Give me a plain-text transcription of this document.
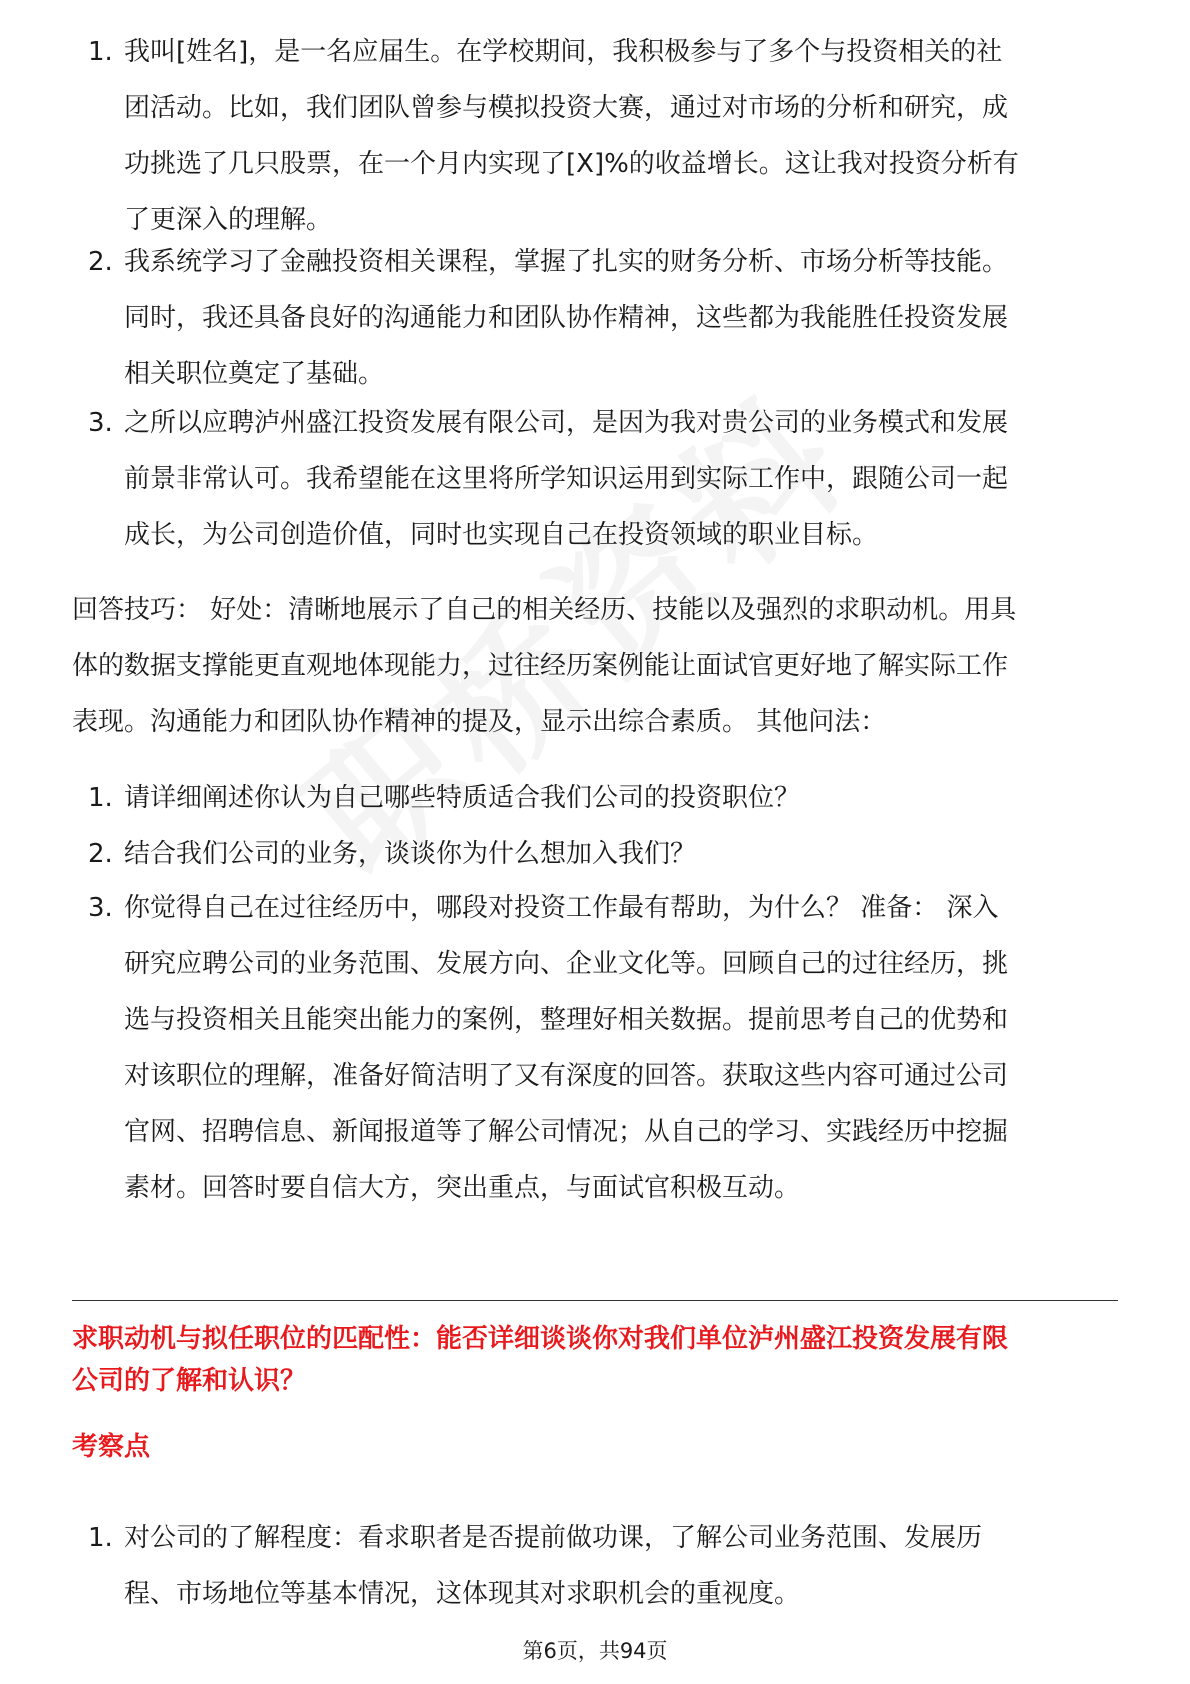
1. 我叫[姓名]，是一名应届生。在学校期间，我积极参与了多个与投资相关的社
团活动。比如，我们团队曾参与模拟投资大赛，通过对市场的分析和研究，成
功挑选了几只股票，在一个月内实现了[X]%的收益增长。这让我对投资分析有
了更深入的理解。
2. 我系统学习了金融投资相关课程，掌握了扎实的财务分析、市场分析等技能。
同时，我还具备良好的沟通能力和团队协作精神，这些都为我能胜任投资发展
相关职位奠定了基础。
3. 之所以应聘泸州盛江投资发展有限公司，是因为我对贵公司的业务模式和发展
前景非常认可。我希望能在这里将所学知识运用到实际工作中，跟随公司一起
成长，为公司创造价值，同时也实现自己在投资领域的职业目标。
回答技巧： 好处：清晰地展示了自己的相关经历、技能以及强烈的求职动机。用具
体的数据支撑能更直观地体现能力，过往经历案例能让面试官更好地了解实际工作
表现。沟通能力和团队协作精神的提及，显示出综合素质。 其他问法：
1. 请详细阐述你认为自己哪些特质适合我们公司的投资职位？
2. 结合我们公司的业务，谈谈你为什么想加入我们？
3. 你觉得自己在过往经历中，哪段对投资工作最有帮助，为什么？ 准备： 深入
研究应聘公司的业务范围、发展方向、企业文化等。回顾自己的过往经历，挑
选与投资相关且能突出能力的案例，整理好相关数据。提前思考自己的优势和
对该职位的理解，准备好简洁明了又有深度的回答。获取这些内容可通过公司
官网、招聘信息、新闻报道等了解公司情况；从自己的学习、实践经历中挖掘
素材。回答时要自信大方，突出重点，与面试官积极互动。
求职动机与拟任职位的匹配性：能否详细谈谈你对我们单位泸州盛江投资发展有限
公司的了解和认识？
考察点
1. 对公司的了解程度：看求职者是否提前做功课，了解公司业务范围、发展历
程、市场地位等基本情况，这体现其对求职机会的重视度。
第6页，共94页
